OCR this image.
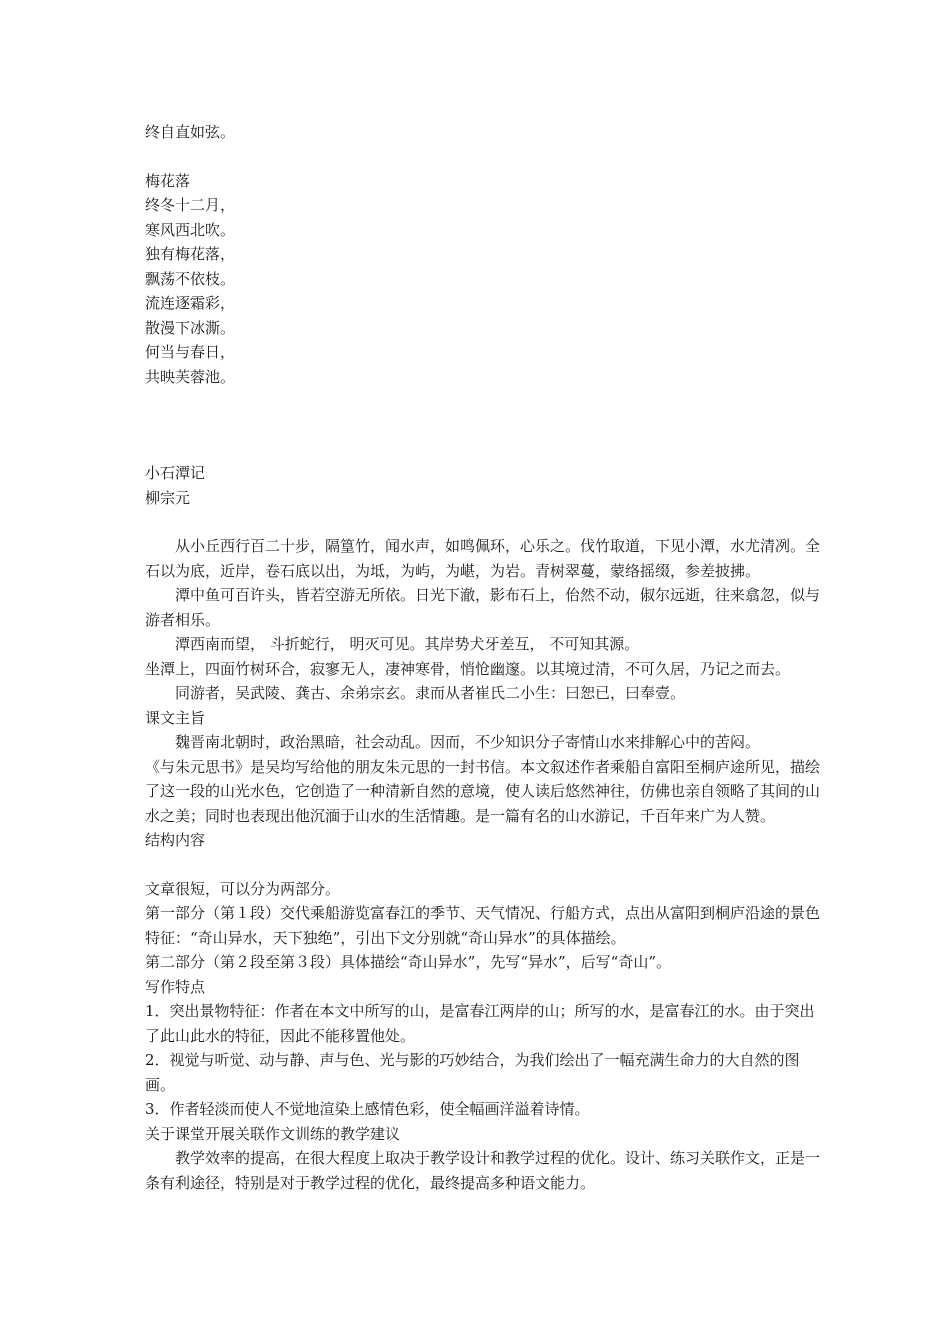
终自直如弦。
梅花落
终冬十二月，
寒风西北吹。
独有梅花落，
飘荡不依枝。
流连逐霜彩，
散漫下冰澌。
何当与春日，
共映芙蓉池。
小石潭记
柳宗元
从小丘西行百二十步，隔篁竹，闻水声，如鸣佩环，心乐之。伐竹取道，下见小潭，水尤清冽。全石以为底，近岸，卷石底以出，为坻，为屿，为嵁，为岩。青树翠蔓，蒙络摇缀，参差披拂。
潭中鱼可百许头，皆若空游无所依。日光下澈，影布石上，佁然不动，俶尔远逝，往来翕忽，似与游者相乐。
潭西南而望， 斗折蛇行， 明灭可见。其岸势犬牙差互， 不可知其源。
坐潭上，四面竹树环合，寂寥无人，凄神寒骨，悄怆幽邃。以其境过清，不可久居，乃记之而去。
同游者，吴武陵、龚古、余弟宗玄。隶而从者崔氏二小生：曰恕已，曰奉壹。
课文主旨
魏晋南北朝时，政治黑暗，社会动乱。因而，不少知识分子寄情山水来排解心中的苦闷。
《与朱元思书》是吴均写给他的朋友朱元思的一封书信。本文叙述作者乘船自富阳至桐庐途所见，描绘了这一段的山光水色，它创造了一种清新自然的意境，使人读后悠然神往，仿佛也亲自领略了其间的山水之美；同时也表现出他沉湎于山水的生活情趣。是一篇有名的山水游记，千百年来广为人赞。
结构内容
文章很短，可以分为两部分。
第一部分（第１段）交代乘船游览富春江的季节、天气情况、行船方式，点出从富阳到桐庐沿途的景色特征：“奇山异水，天下独绝”，引出下文分别就“奇山异水”的具体描绘。
第二部分（第２段至第３段）具体描绘“奇山异水”，先写“异水”，后写“奇山”。
写作特点
1．突出景物特征：作者在本文中所写的山，是富春江两岸的山；所写的水，是富春江的水。由于突出了此山此水的特征，因此不能移置他处。
2．视觉与听觉、动与静、声与色、光与影的巧妙结合，为我们绘出了一幅充满生命力的大自然的图画。
3．作者轻淡而使人不觉地渲染上感情色彩，使全幅画洋溢着诗情。
关于课堂开展关联作文训练的教学建议
教学效率的提高，在很大程度上取决于教学设计和教学过程的优化。设计、练习关联作文，正是一条有利途径，特别是对于教学过程的优化，最终提高多种语文能力。
